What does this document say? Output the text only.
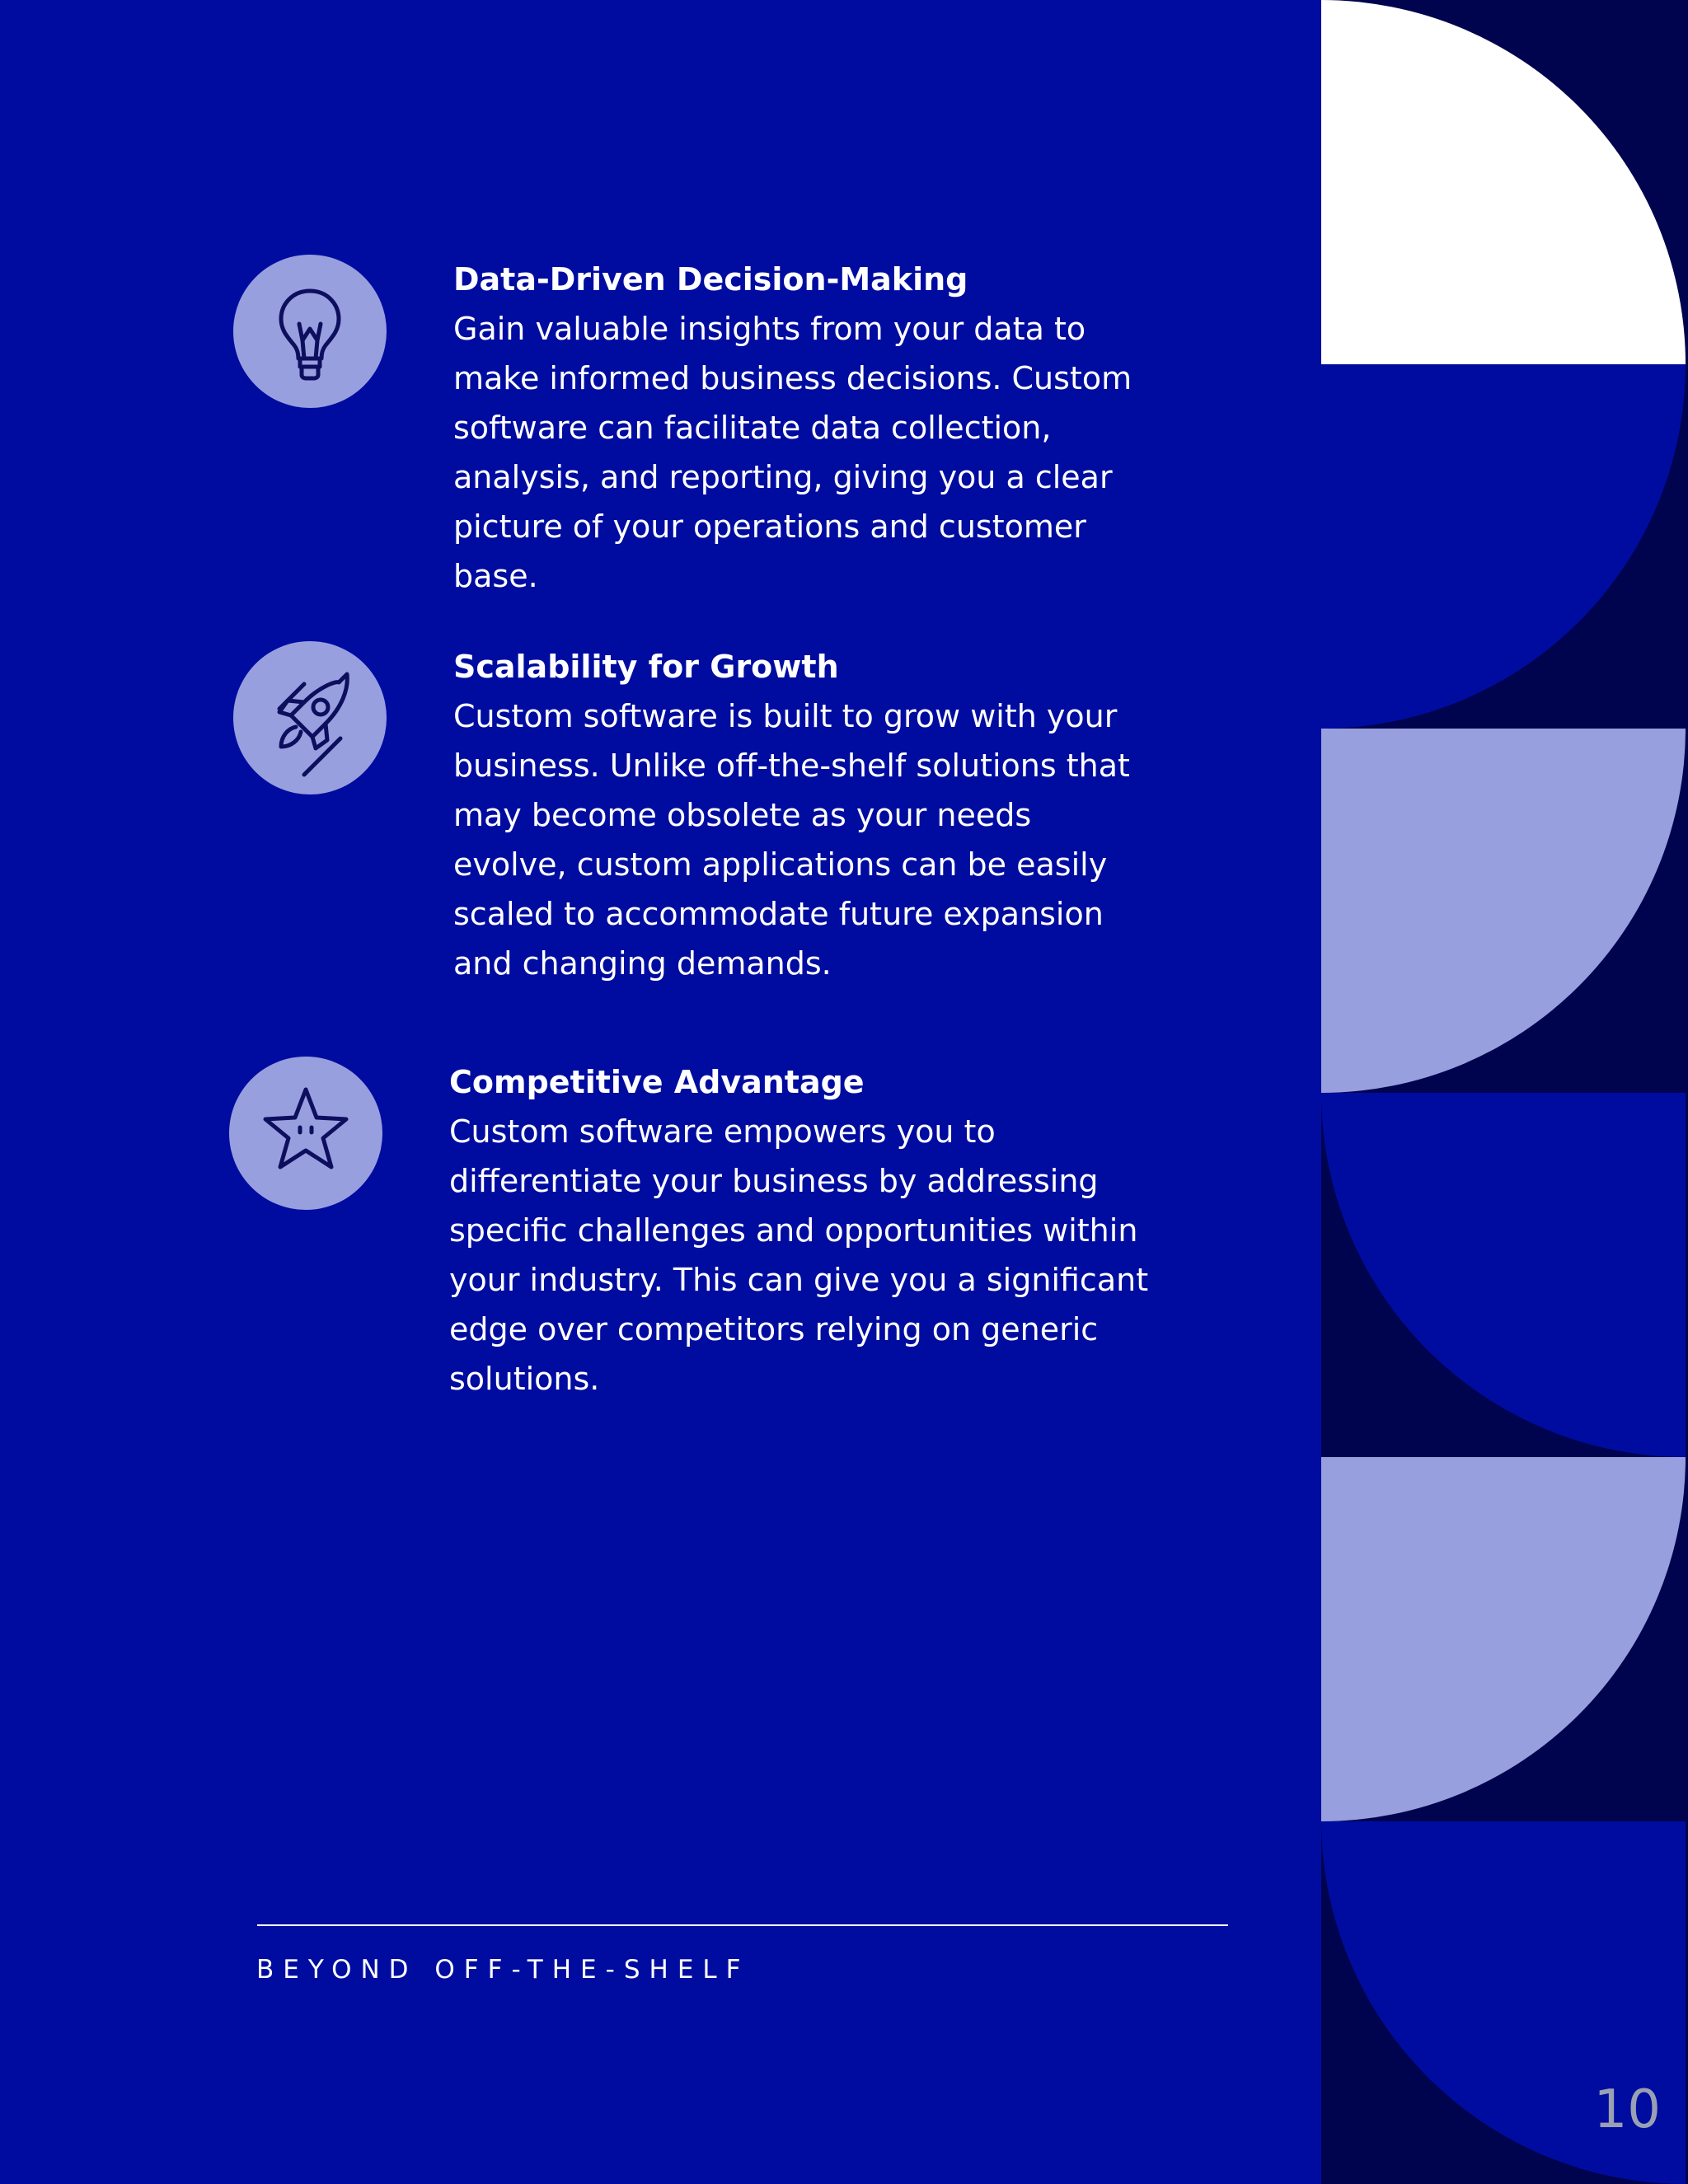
Data-Driven Decision-Making

Gain valuable insights from your data to make informed business decisions. Custom software can facilitate data collection, analysis, and reporting, giving you a clear picture of your operations and customer base.

Scalability for Growth

Custom software is built to grow with your business. Unlike off-the-shelf solutions that may become obsolete as your needs evolve, custom applications can be easily scaled to accommodate future expansion and changing demands.

Competitive Advantage

Custom software empowers you to differentiate your business by addressing specific challenges and opportunities within your industry. This can give you a significant edge over competitors relying on generic solutions.

BEYOND OFF-THE-SHELF
10
